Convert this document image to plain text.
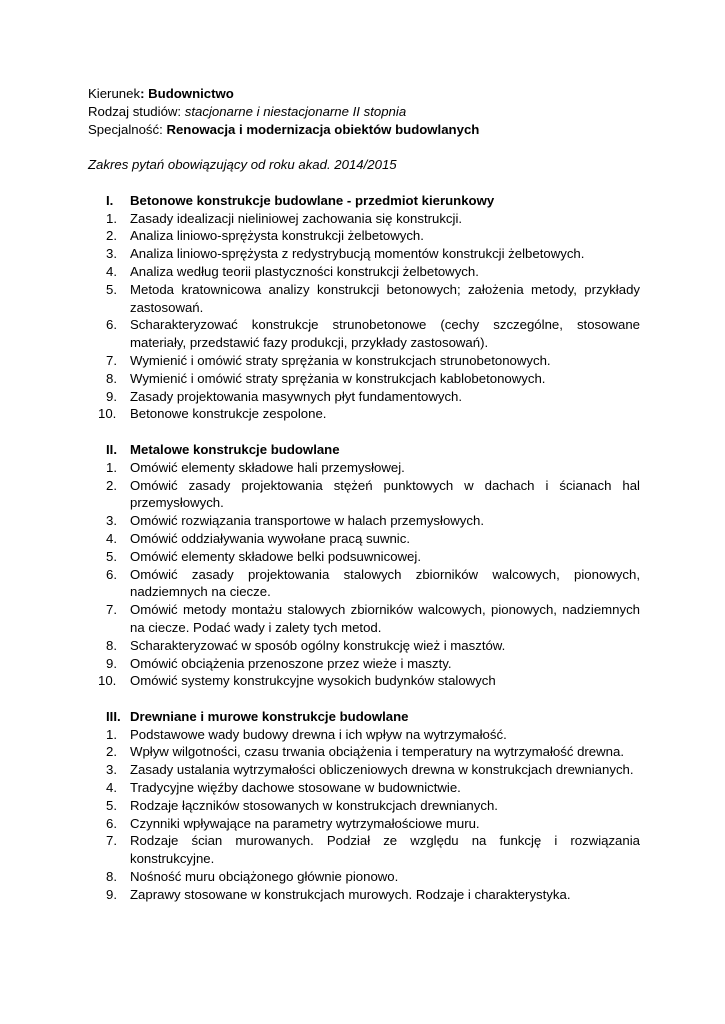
Kierunek: Budownictwo
Rodzaj studiów: stacjonarne i niestacjonarne II stopnia
Specjalność: Renowacja i modernizacja obiektów budowlanych
Zakres pytań obowiązujący od roku akad. 2014/2015
I.	Betonowe konstrukcje budowlane - przedmiot kierunkowy
1. Zasady idealizacji nieliniowej zachowania się konstrukcji.
2. Analiza liniowo-sprężysta konstrukcji żelbetowych.
3. Analiza liniowo-sprężysta z redystrybucją momentów konstrukcji żelbetowych.
4. Analiza według teorii plastyczności konstrukcji żelbetowych.
5. Metoda kratownicowa analizy konstrukcji betonowych; założenia metody, przykłady zastosowań.
6. Scharakteryzować konstrukcje strunobetonowe (cechy szczególne, stosowane materiały, przedstawić fazy produkcji, przykłady zastosowań).
7. Wymienić i omówić straty sprężania w konstrukcjach strunobetonowych.
8. Wymienić i omówić straty sprężania w konstrukcjach kablobetonowych.
9. Zasady projektowania masywnych płyt fundamentowych.
10.	Betonowe konstrukcje zespolone.
II. Metalowe konstrukcje budowlane
1. Omówić elementy składowe hali przemysłowej.
2. Omówić zasady projektowania stężeń punktowych w dachach i ścianach hal przemysłowych.
3. Omówić rozwiązania transportowe w halach przemysłowych.
4. Omówić oddziaływania wywołane pracą suwnic.
5. Omówić elementy składowe belki podsuwnicowej.
6. Omówić zasady projektowania stalowych zbiorników walcowych, pionowych, nadziemnych na ciecze.
7. Omówić metody montażu stalowych zbiorników walcowych, pionowych, nadziemnych na ciecze. Podać wady i zalety tych metod.
8. Scharakteryzować w sposób ogólny konstrukcję wież i masztów.
9. Omówić obciążenia przenoszone przez wieże i maszty.
10.	Omówić systemy konstrukcyjne wysokich budynków stalowych
III. Drewniane i murowe konstrukcje budowlane
1. Podstawowe wady budowy drewna i ich wpływ na wytrzymałość.
2. Wpływ wilgotności, czasu trwania obciążenia i temperatury na wytrzymałość drewna.
3. Zasady ustalania wytrzymałości obliczeniowych drewna w konstrukcjach drewnianych.
4. Tradycyjne więźby dachowe stosowane w budownictwie.
5. Rodzaje łączników stosowanych w konstrukcjach drewnianych.
6. Czynniki wpływające na parametry wytrzymałościowe muru.
7. Rodzaje ścian murowanych. Podział ze względu na funkcję i rozwiązania konstrukcyjne.
8. Nośność muru obciążonego głównie pionowo.
9. Zaprawy stosowane w konstrukcjach murowych. Rodzaje i charakterystyka.
